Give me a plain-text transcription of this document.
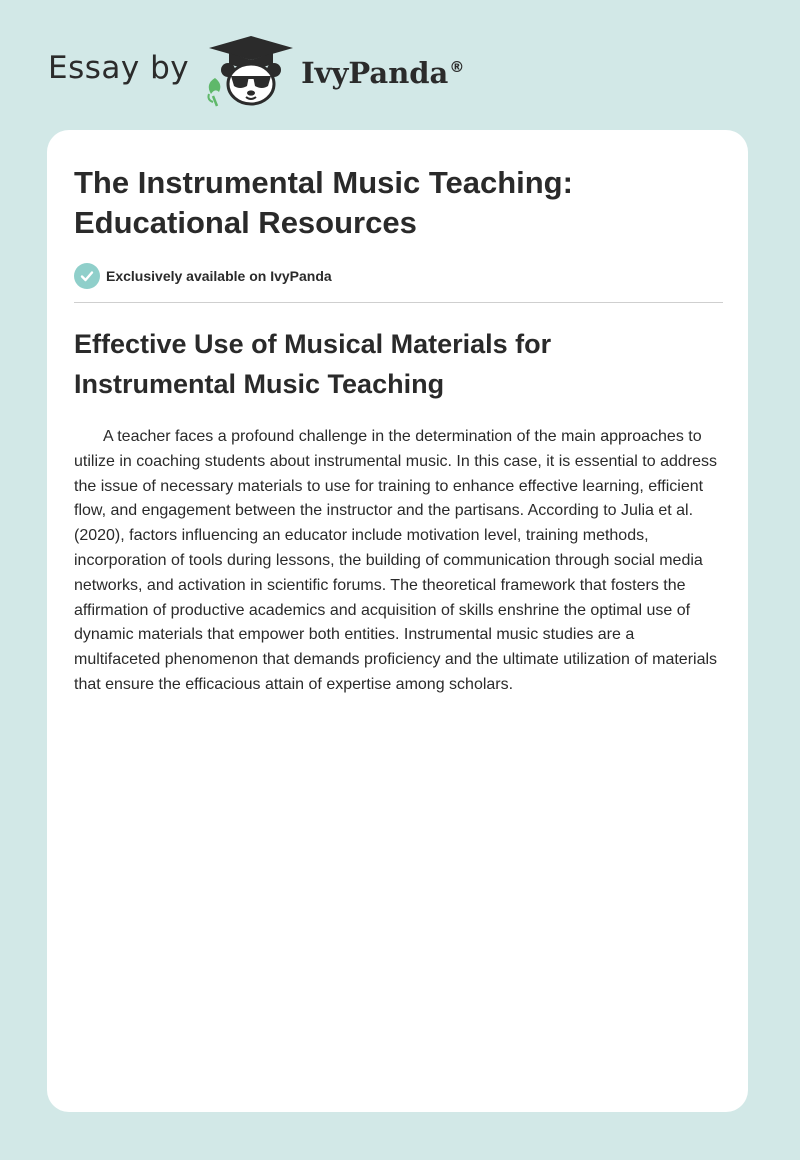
Essay by	IvyPanda®
The Instrumental Music Teaching: Educational Resources
Exclusively available on IvyPanda
Effective Use of Musical Materials for Instrumental Music Teaching

A teacher faces a profound challenge in the determination of the main approaches to utilize in coaching students about instrumental music. In this case, it is essential to address the issue of necessary materials to use for training to enhance effective learning, efficient flow, and engagement between the instructor and the partisans. According to Julia et al. (2020), factors influencing an educator include motivation level, training methods, incorporation of tools during lessons, the building of communication through social media networks, and activation in scientific forums. The theoretical framework that fosters the affirmation of productive academics and acquisition of skills enshrine the optimal use of dynamic materials that empower both entities. Instrumental music studies are a multifaceted phenomenon that demands proficiency and the ultimate utilization of materials that ensure the efficacious attain of expertise among scholars.
